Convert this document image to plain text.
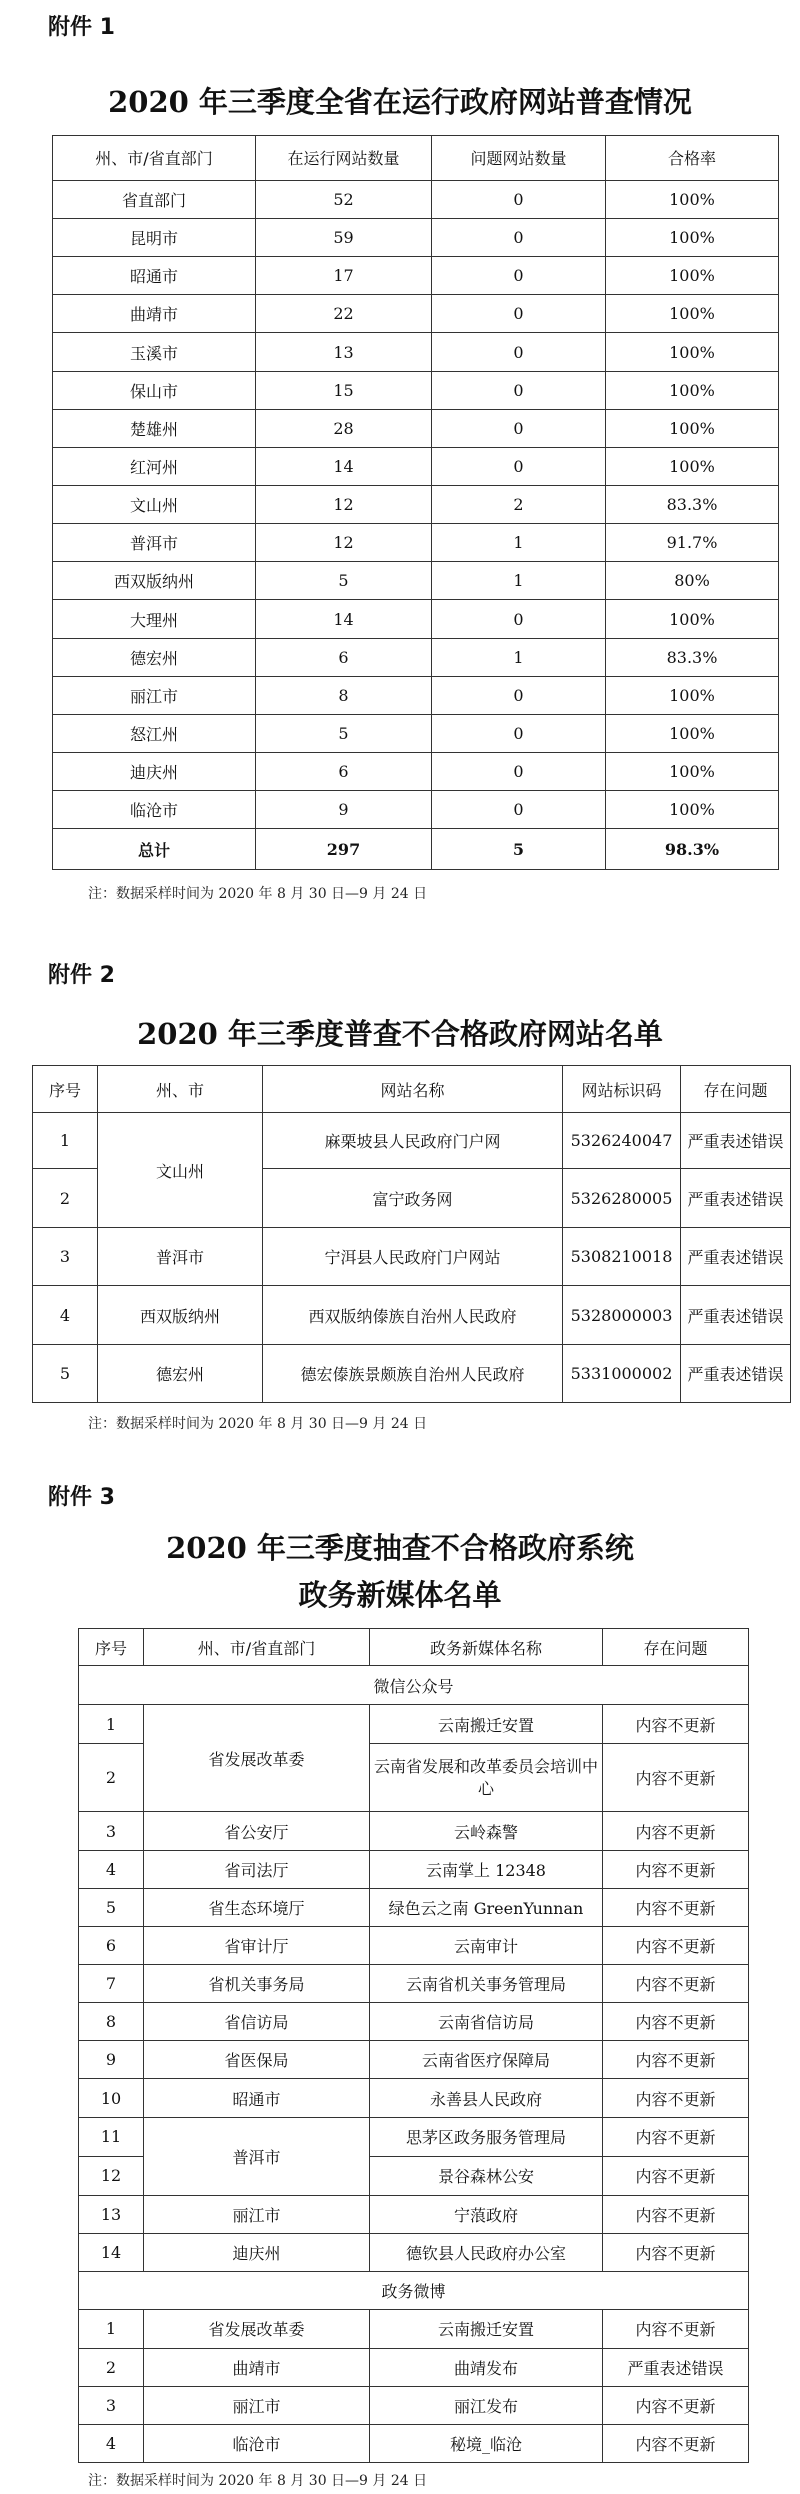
附件 1
2020 年三季度全省在运行政府网站普查情况
州、市/省直部门	在运行网站数量	问题网站数量	合格率
省直部门	52	0	100%
昆明市	59	0	100%
昭通市	17	0	100%
曲靖市	22	0	100%
玉溪市	13	0	100%
保山市	15	0	100%
楚雄州	28	0	100%
红河州	14	0	100%
文山州	12	2	83.3%
普洱市	12	1	91.7%
西双版纳州	5	1	80%
大理州	14	0	100%
德宏州	6	1	83.3%
丽江市	8	0	100%
怒江州	5	0	100%
迪庆州	6	0	100%
临沧市	9	0	100%
总计	297	5	98.3%
注：数据采样时间为 2020 年 8 月 30 日—9 月 24 日
附件 2
2020 年三季度普查不合格政府网站名单
序号	州、市	网站名称	网站标识码	存在问题
1	文山州	麻栗坡县人民政府门户网	5326240047	严重表述错误
2		富宁政务网	5326280005	严重表述错误
3	普洱市	宁洱县人民政府门户网站	5308210018	严重表述错误
4	西双版纳州	西双版纳傣族自治州人民政府	5328000003	严重表述错误
5	德宏州	德宏傣族景颇族自治州人民政府	5331000002	严重表述错误
注：数据采样时间为 2020 年 8 月 30 日—9 月 24 日
附件 3
2020 年三季度抽查不合格政府系统
政务新媒体名单
序号	州、市/省直部门	政务新媒体名称	存在问题
微信公众号			
1	省发展改革委	云南搬迁安置	内容不更新
2		云南省发展和改革委员会培训中心	内容不更新
3	省公安厅	云岭森警	内容不更新
4	省司法厅	云南掌上 12348	内容不更新
5	省生态环境厅	绿色云之南 GreenYunnan	内容不更新
6	省审计厅	云南审计	内容不更新
7	省机关事务局	云南省机关事务管理局	内容不更新
8	省信访局	云南省信访局	内容不更新
9	省医保局	云南省医疗保障局	内容不更新
10	昭通市	永善县人民政府	内容不更新
11	普洱市	思茅区政务服务管理局	内容不更新
12		景谷森林公安	内容不更新
13	丽江市	宁蒗政府	内容不更新
14	迪庆州	德钦县人民政府办公室	内容不更新
政务微博			
1	省发展改革委	云南搬迁安置	内容不更新
2	曲靖市	曲靖发布	严重表述错误
3	丽江市	丽江发布	内容不更新
4	临沧市	秘境_临沧	内容不更新
注：数据采样时间为 2020 年 8 月 30 日—9 月 24 日
